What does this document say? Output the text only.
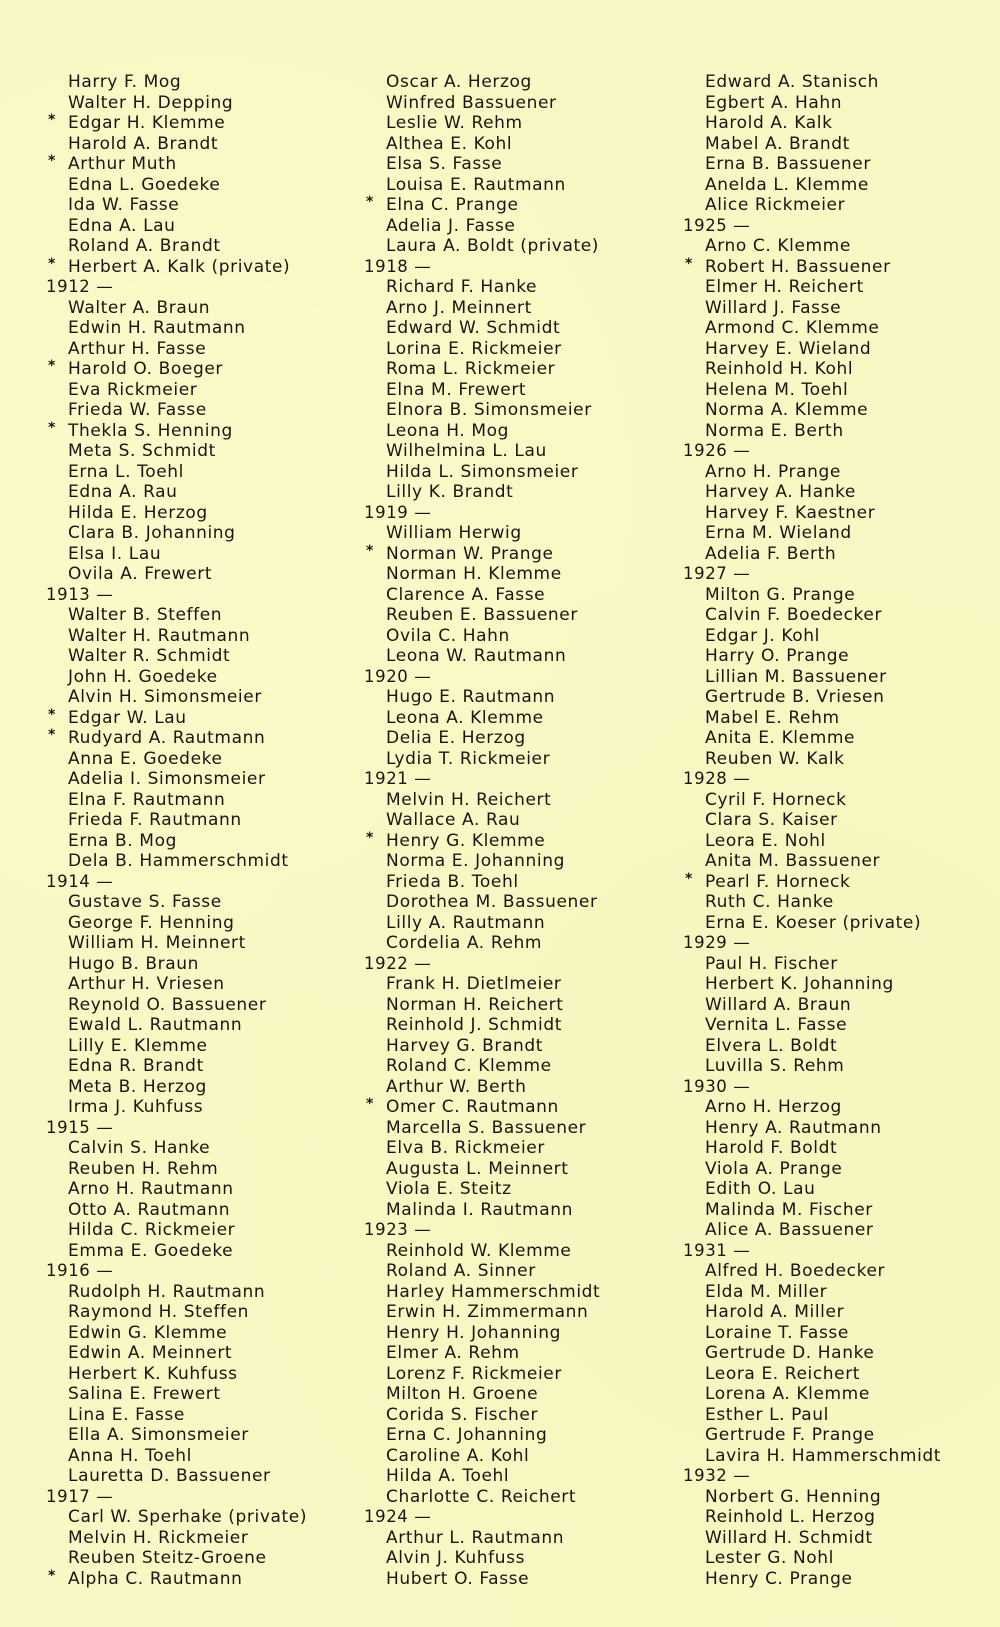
Harry F. Mog
Walter H. Depping
* Edgar H. Klemme
Harold A. Brandt
* Arthur Muth
Edna L. Goedeke
Ida W. Fasse
Edna A. Lau
Roland A. Brandt
* Herbert A. Kalk (private)
1912 —
Walter A. Braun
Edwin H. Rautmann
Arthur H. Fasse
* Harold O. Boeger
Eva Rickmeier
Frieda W. Fasse
* Thekla S. Henning
Meta S. Schmidt
Erna L. Toehl
Edna A. Rau
Hilda E. Herzog
Clara B. Johanning
Elsa I. Lau
Ovila A. Frewert
1913 —
Walter B. Steffen
Walter H. Rautmann
Walter R. Schmidt
John H. Goedeke
Alvin H. Simonsmeier
* Edgar W. Lau
* Rudyard A. Rautmann
Anna E. Goedeke
Adelia I. Simonsmeier
Elna F. Rautmann
Frieda F. Rautmann
Erna B. Mog
Dela B. Hammerschmidt
1914 —
Gustave S. Fasse
George F. Henning
William H. Meinnert
Hugo B. Braun
Arthur H. Vriesen
Reynold O. Bassuener
Ewald L. Rautmann
Lilly E. Klemme
Edna R. Brandt
Meta B. Herzog
Irma J. Kuhfuss
1915 —
Calvin S. Hanke
Reuben H. Rehm
Arno H. Rautmann
Otto A. Rautmann
Hilda C. Rickmeier
Emma E. Goedeke
1916 —
Rudolph H. Rautmann
Raymond H. Steffen
Edwin G. Klemme
Edwin A. Meinnert
Herbert K. Kuhfuss
Salina E. Frewert
Lina E. Fasse
Ella A. Simonsmeier
Anna H. Toehl
Lauretta D. Bassuener
1917 —
Carl W. Sperhake (private)
Melvin H. Rickmeier
Reuben Steitz-Groene
* Alpha C. Rautmann
Oscar A. Herzog
Winfred Bassuener
Leslie W. Rehm
Althea E. Kohl
Elsa S. Fasse
Louisa E. Rautmann
* Elna C. Prange
Adelia J. Fasse
Laura A. Boldt (private)
1918 —
Richard F. Hanke
Arno J. Meinnert
Edward W. Schmidt
Lorina E. Rickmeier
Roma L. Rickmeier
Elna M. Frewert
Elnora B. Simonsmeier
Leona H. Mog
Wilhelmina L. Lau
Hilda L. Simonsmeier
Lilly K. Brandt
1919 —
William Herwig
* Norman W. Prange
Norman H. Klemme
Clarence A. Fasse
Reuben E. Bassuener
Ovila C. Hahn
Leona W. Rautmann
1920 —
Hugo E. Rautmann
Leona A. Klemme
Delia E. Herzog
Lydia T. Rickmeier
1921 —
Melvin H. Reichert
Wallace A. Rau
* Henry G. Klemme
Norma E. Johanning
Frieda B. Toehl
Dorothea M. Bassuener
Lilly A. Rautmann
Cordelia A. Rehm
1922 —
Frank H. Dietlmeier
Norman H. Reichert
Reinhold J. Schmidt
Harvey G. Brandt
Roland C. Klemme
Arthur W. Berth
* Omer C. Rautmann
Marcella S. Bassuener
Elva B. Rickmeier
Augusta L. Meinnert
Viola E. Steitz
Malinda I. Rautmann
1923 —
Reinhold W. Klemme
Roland A. Sinner
Harley Hammerschmidt
Erwin H. Zimmermann
Henry H. Johanning
Elmer A. Rehm
Lorenz F. Rickmeier
Milton H. Groene
Corida S. Fischer
Erna C. Johanning
Caroline A. Kohl
Hilda A. Toehl
Charlotte C. Reichert
1924 —
Arthur L. Rautmann
Alvin J. Kuhfuss
Hubert O. Fasse
Edward A. Stanisch
Egbert A. Hahn
Harold A. Kalk
Mabel A. Brandt
Erna B. Bassuener
Anelda L. Klemme
Alice Rickmeier
1925 —
Arno C. Klemme
* Robert H. Bassuener
Elmer H. Reichert
Willard J. Fasse
Armond C. Klemme
Harvey E. Wieland
Reinhold H. Kohl
Helena M. Toehl
Norma A. Klemme
Norma E. Berth
1926 —
Arno H. Prange
Harvey A. Hanke
Harvey F. Kaestner
Erna M. Wieland
Adelia F. Berth
1927 —
Milton G. Prange
Calvin F. Boedecker
Edgar J. Kohl
Harry O. Prange
Lillian M. Bassuener
Gertrude B. Vriesen
Mabel E. Rehm
Anita E. Klemme
Reuben W. Kalk
1928 —
Cyril F. Horneck
Clara S. Kaiser
Leora E. Nohl
Anita M. Bassuener
* Pearl F. Horneck
Ruth C. Hanke
Erna E. Koeser (private)
1929 —
Paul H. Fischer
Herbert K. Johanning
Willard A. Braun
Vernita L. Fasse
Elvera L. Boldt
Luvilla S. Rehm
1930 —
Arno H. Herzog
Henry A. Rautmann
Harold F. Boldt
Viola A. Prange
Edith O. Lau
Malinda M. Fischer
Alice A. Bassuener
1931 —
Alfred H. Boedecker
Elda M. Miller
Harold A. Miller
Loraine T. Fasse
Gertrude D. Hanke
Leora E. Reichert
Lorena A. Klemme
Esther L. Paul
Gertrude F. Prange
Lavira H. Hammerschmidt
1932 —
Norbert G. Henning
Reinhold L. Herzog
Willard H. Schmidt
Lester G. Nohl
Henry C. Prange
